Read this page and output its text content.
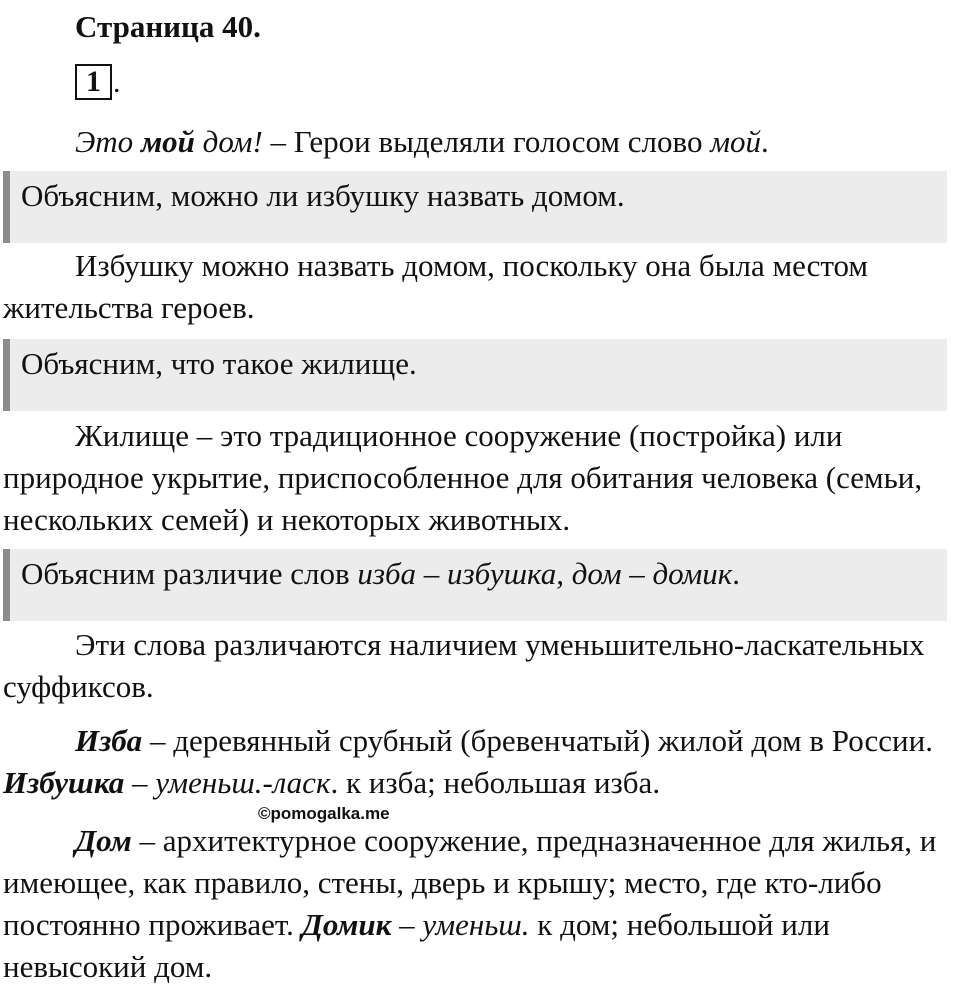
Страница 40.
1 .

Это мой дом! – Герои выделяли голосом слово мой.

Объясним, можно ли избушку назвать домом.

Избушку можно назвать домом, поскольку она была местом жительства героев.

Объясним, что такое жилище.

Жилище – это традиционное сооружение (постройка) или природное укрытие, приспособленное для обитания человека (семьи, нескольких семей) и некоторых животных.

Объясним различие слов изба – избушка, дом – домик.

Эти слова различаются наличием уменьшительно-ласкательных суффиксов.

Изба – деревянный срубный (бревенчатый) жилой дом в России. Избушка – уменьш.-ласк. к изба; небольшая изба.

©pomogalka.me

Дом – архитектурное сооружение, предназначенное для жилья, и имеющее, как правило, стены, дверь и крышу; место, где кто-либо постоянно проживает. Домик – уменьш. к дом; небольшой или невысокий дом.
